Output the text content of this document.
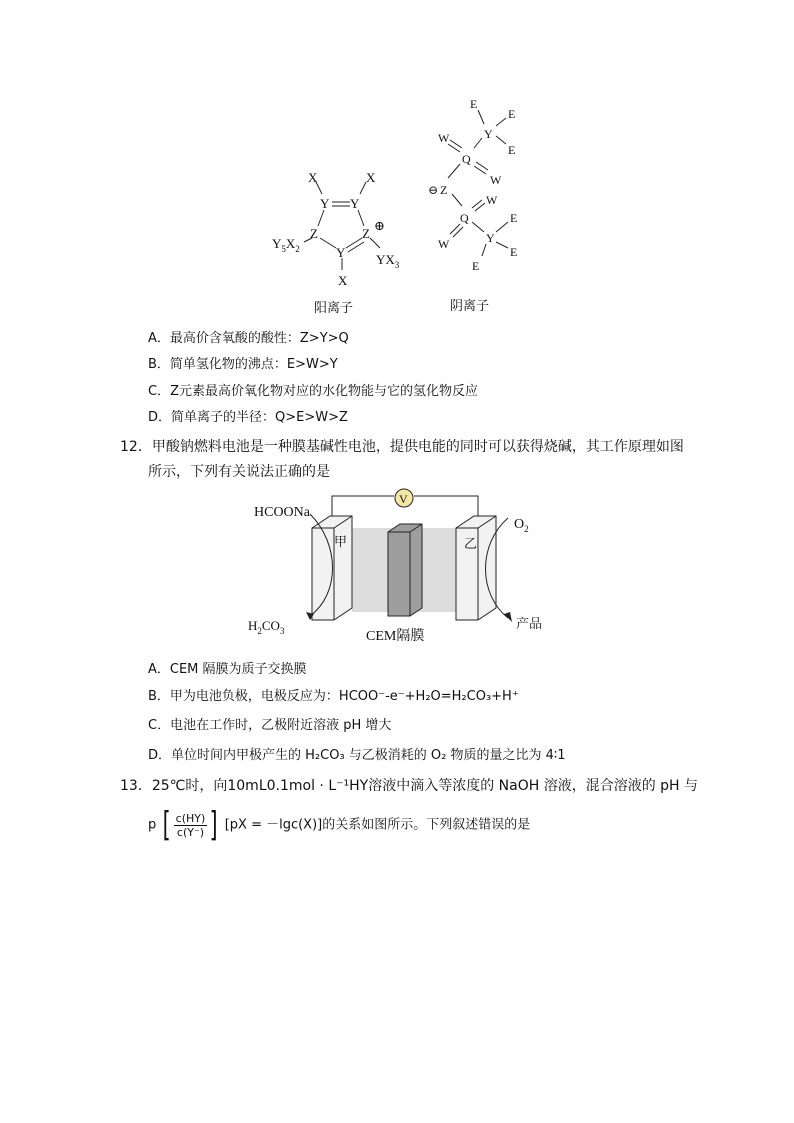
X	X
Y Y
Z	Z
⊕
Y
X
$Y_5X_2$
$YX_3$
阳离子
E
E
E
Y
W
Q
W
⊖ Z
W
Q	E
W	Y
E
E
阴离子
A．最高价含氧酸的酸性：Z>Y>Q
B．简单氢化物的沸点：E>W>Y
C．Z元素最高价氧化物对应的水化物能与它的氢化物反应
D．简单离子的半径：Q>E>W>Z
12．甲酸钠燃料电池是一种膜基碱性电池，提供电能的同时可以获得烧碱，其工作原理如图
所示，下列有关说法正确的是
V
HCOONa
$H_2CO_3$
$O_2$
产品
甲	乙
CEM隔膜
A．CEM 隔膜为质子交换膜
B．甲为电池负极，电极反应为：HCOO⁻-e⁻+H₂O=H₂CO₃+H⁺
C．电池在工作时，乙极附近溶液 pH 增大
D．单位时间内甲极产生的 H₂CO₃ 与乙极消耗的 O₂ 物质的量之比为 4∶1
13．25℃时，向10mL0.1mol · L⁻¹HY溶液中滴入等浓度的 NaOH 溶液，混合溶液的 pH 与
p [ $\frac{c(HY)}{c(Y^-)}$ ] [pX = －lgc(X)]的关系如图所示。下列叙述错误的是
